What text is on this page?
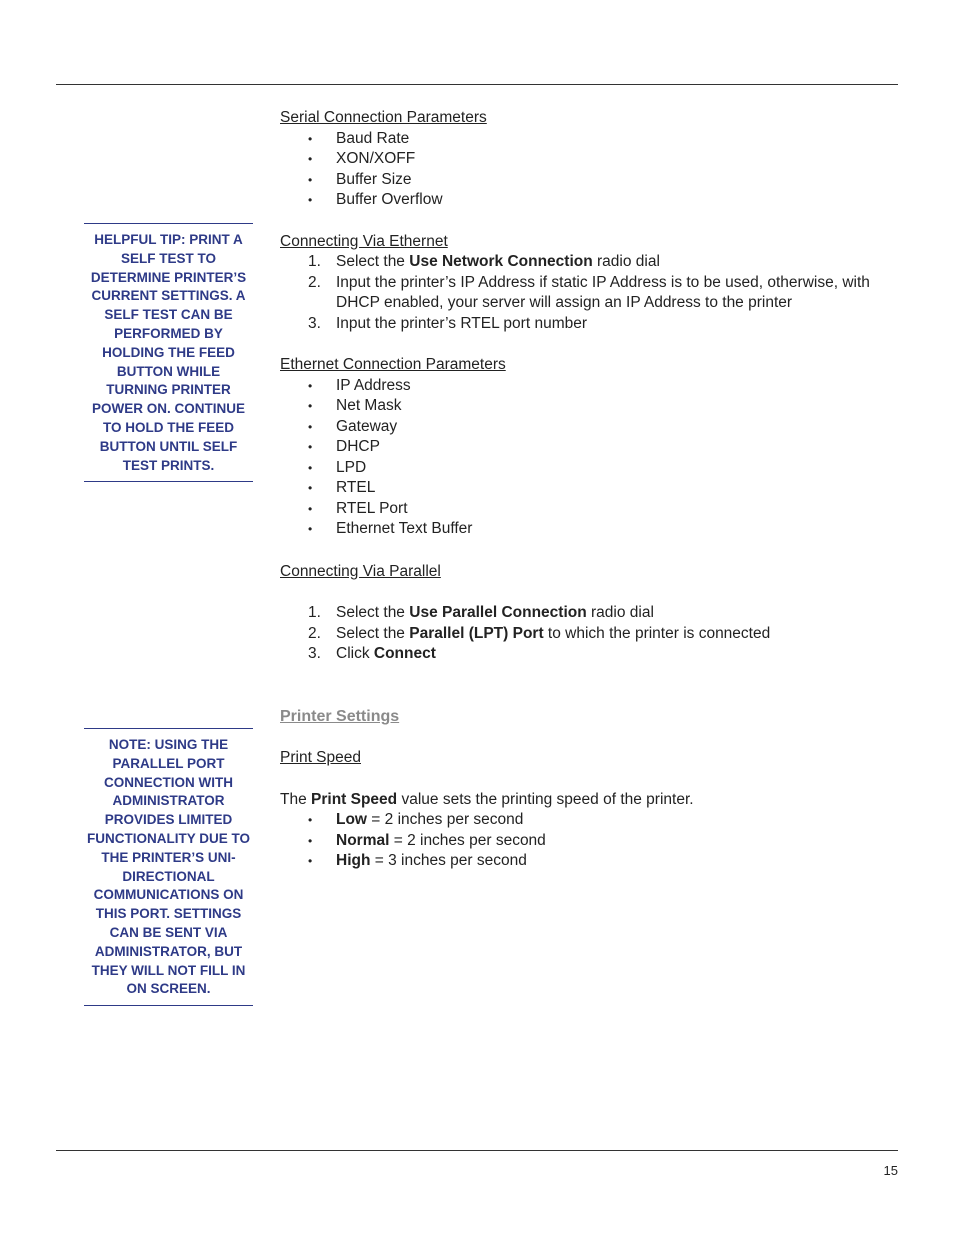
HELPFUL TIP: PRINT A SELF TEST TO DETERMINE PRINTER’S CURRENT SETTINGS. A SELF TEST CAN BE PERFORMED BY HOLDING THE FEED BUTTON WHILE TURNING PRINTER POWER ON. CONTINUE TO HOLD THE FEED BUTTON UNTIL SELF TEST PRINTS.
NOTE: USING THE PARALLEL PORT CONNECTION WITH ADMINISTRATOR PROVIDES LIMITED FUNCTIONALITY DUE TO THE PRINTER’S UNI-DIRECTIONAL COMMUNICATIONS ON THIS PORT. SETTINGS CAN BE SENT VIA ADMINISTRATOR, BUT THEY WILL NOT FILL IN ON SCREEN.

Serial Connection Parameters

• Baud Rate
• XON/XOFF
• Buffer Size
• Buffer Overflow

Connecting Via Ethernet

1. Select the Use Network Connection radio dial
2. Input the printer’s IP Address if static IP Address is to be used, otherwise, with DHCP enabled, your server will assign an IP Address to the printer
3. Input the printer’s RTEL port number

Ethernet Connection Parameters

• IP Address
• Net Mask
• Gateway
• DHCP
• LPD
• RTEL
• RTEL Port
• Ethernet Text Buffer

Connecting Via Parallel

1. Select the Use Parallel Connection radio dial
2. Select the Parallel (LPT) Port to which the printer is connected
3. Click Connect

Printer Settings

Print Speed

The Print Speed value sets the printing speed of the printer.

• Low = 2 inches per second
• Normal = 2 inches per second
• High = 3 inches per second
15
